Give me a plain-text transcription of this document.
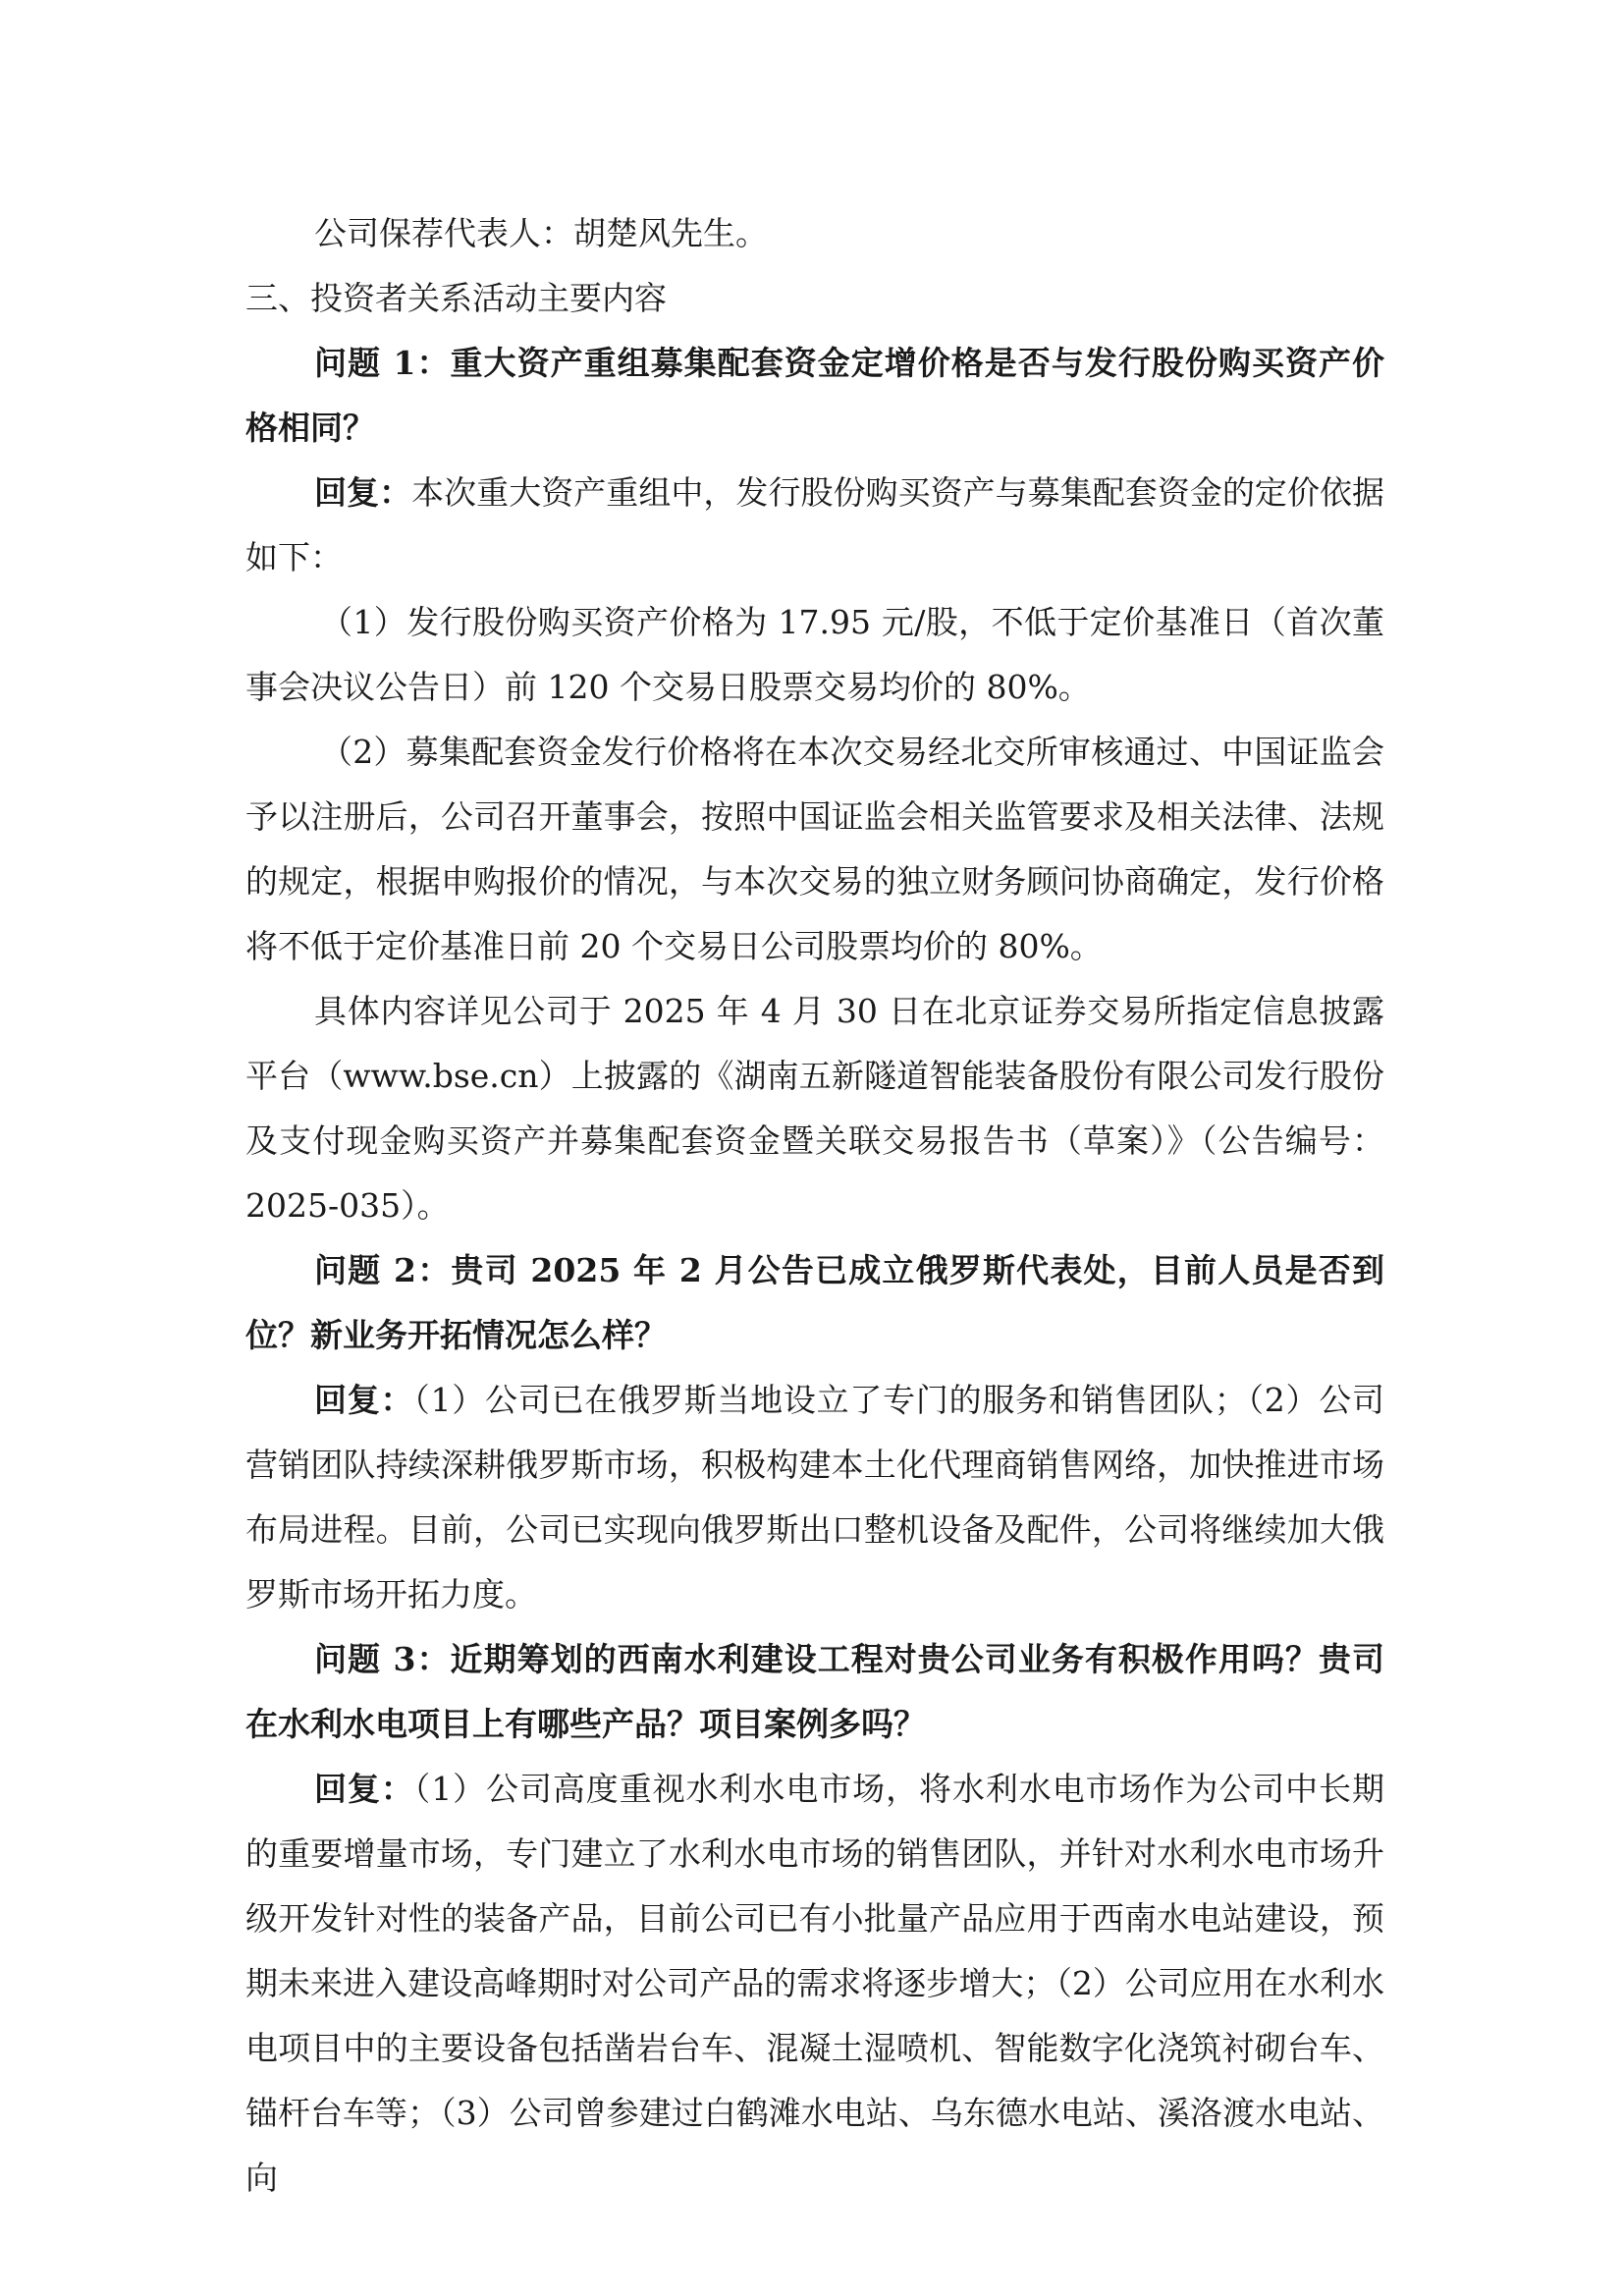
公司保荐代表人：胡楚风先生。

三、投资者关系活动主要内容

问题 1：重大资产重组募集配套资金定增价格是否与发行股份购买资产价格相同？

回复：本次重大资产重组中，发行股份购买资产与募集配套资金的定价依据如下：

（1）发行股份购买资产价格为 17.95 元/股，不低于定价基准日（首次董事会决议公告日）前 120 个交易日股票交易均价的 80%。

（2）募集配套资金发行价格将在本次交易经北交所审核通过、中国证监会予以注册后，公司召开董事会，按照中国证监会相关监管要求及相关法律、法规的规定，根据申购报价的情况，与本次交易的独立财务顾问协商确定，发行价格将不低于定价基准日前 20 个交易日公司股票均价的 80%。

具体内容详见公司于 2025 年 4 月 30 日在北京证券交易所指定信息披露平台（www.bse.cn）上披露的《湖南五新隧道智能装备股份有限公司发行股份及支付现金购买资产并募集配套资金暨关联交易报告书（草案）》（公告编号：2025-035）。

问题 2：贵司 2025 年 2 月公告已成立俄罗斯代表处，目前人员是否到位？新业务开拓情况怎么样？

回复：（1）公司已在俄罗斯当地设立了专门的服务和销售团队；（2）公司营销团队持续深耕俄罗斯市场，积极构建本土化代理商销售网络，加快推进市场布局进程。目前，公司已实现向俄罗斯出口整机设备及配件，公司将继续加大俄罗斯市场开拓力度。

问题 3：近期筹划的西南水利建设工程对贵公司业务有积极作用吗？贵司在水利水电项目上有哪些产品？项目案例多吗？

回复：（1）公司高度重视水利水电市场，将水利水电市场作为公司中长期的重要增量市场，专门建立了水利水电市场的销售团队，并针对水利水电市场升级开发针对性的装备产品，目前公司已有小批量产品应用于西南水电站建设，预期未来进入建设高峰期时对公司产品的需求将逐步增大；（2）公司应用在水利水电项目中的主要设备包括凿岩台车、混凝土湿喷机、智能数字化浇筑衬砌台车、锚杆台车等；（3）公司曾参建过白鹤滩水电站、乌东德水电站、溪洛渡水电站、向
